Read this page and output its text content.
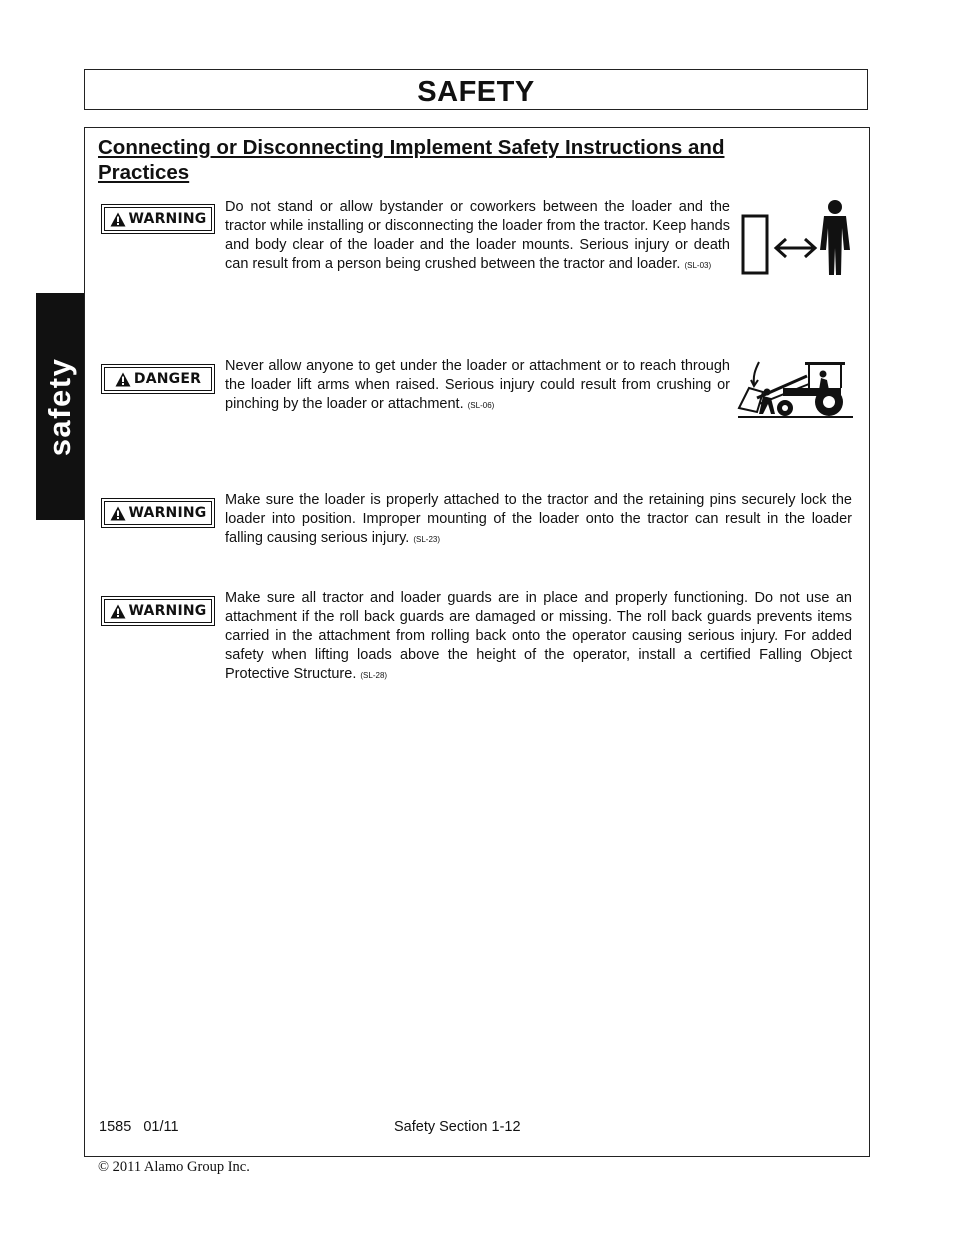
SAFETY
safety
Connecting or Disconnecting Implement Safety Instructions and Practices
WARNING
Do not stand or allow bystander or coworkers between the loader and the tractor while installing or disconnecting the loader from the tractor. Keep hands and body clear of the loader and the loader mounts. Serious injury or death can result from a person being crushed between the tractor and loader. (SL-03)
DANGER
Never allow anyone to get under the loader or attachment or to reach through the loader lift arms when raised. Serious injury could result from crushing or pinching by the loader or attachment. (SL-06)
WARNING
Make sure the loader is properly attached to the tractor and the retaining pins securely lock the loader into position. Improper mounting of the loader onto the tractor can result in the loader falling causing serious injury. (SL-23)
WARNING
Make sure all tractor and loader guards are in place and properly functioning. Do not use an attachment if the roll back guards are damaged or missing. The roll back guards prevents items carried in the attachment from rolling back onto the operator causing serious injury. For added safety when lifting loads above the height of the operator, install a certified Falling Object Protective Structure. (SL-28)
1585   01/11	Safety Section 1-12
© 2011 Alamo Group Inc.
